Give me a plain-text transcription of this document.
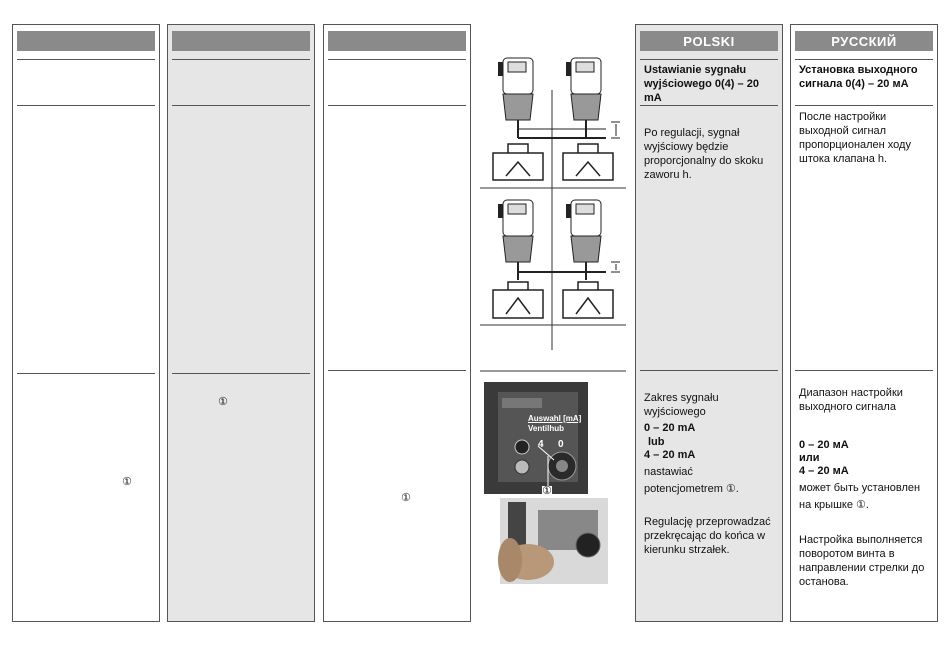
①
①
①
Auswahl [mA]
Ventilhub
4 0
①
POLSKI
Ustawianie sygnału wyjściowego 0(4) – 20 mA
Po regulacji, sygnał wyjściowy będzie proporcjonalny do skoku zaworu h.
Zakres sygnału wyjściowego
0 – 20 mA
lub
4 – 20 mA
nastawiać
potencjometrem ①.
Regulację przeprowadzać przekręcając do końca w kierunku strzałek.
РУССКИЙ
Установка выходного сигнала 0(4) – 20 мА
После настройки выходной сигнал пропорционален ходу штока клапана h.
Диапазон настройки выходного сигнала
0 – 20 мА
или
4 – 20 мА
может быть установлен
на крышке ①.
Настройка выполняется поворотом винта в направлении стрелки до останова.
